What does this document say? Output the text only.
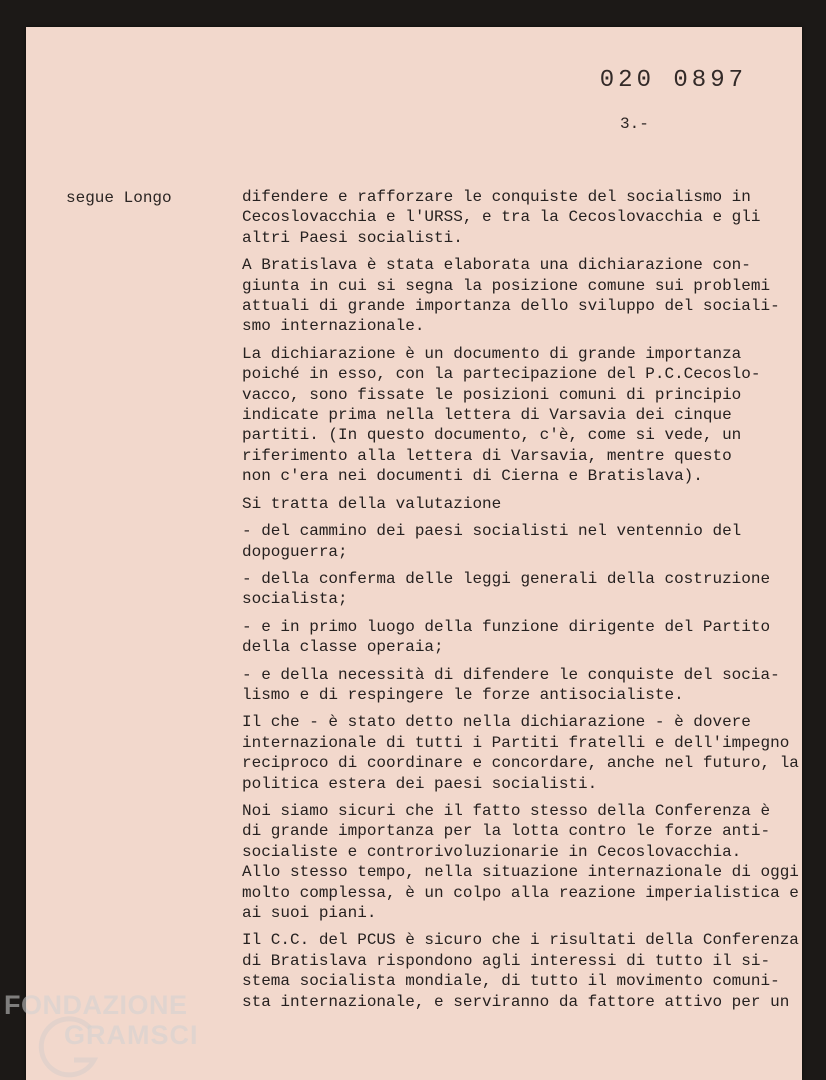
020 0897
3.-
segue Longo	difendere e rafforzare le conquiste del socialismo in
Cecoslovacchia e l'URSS, e tra la Cecoslovacchia e gli
altri Paesi socialisti.
A Bratislava è stata elaborata una dichiarazione con-
giunta in cui si segna la posizione comune sui problemi
attuali di grande importanza dello sviluppo del sociali-
smo internazionale.
La dichiarazione è un documento di grande importanza
poiché in esso, con la partecipazione del P.C.Cecoslo-
vacco, sono fissate le posizioni comuni di principio
indicate prima nella lettera di Varsavia dei cinque
partiti. (In questo documento, c'è, come si vede, un
riferimento alla lettera di Varsavia, mentre questo
non c'era nei documenti di Cierna e Bratislava).
Si tratta della valutazione
- del cammino dei paesi socialisti nel ventennio del
dopoguerra;
- della conferma delle leggi generali della costruzione
socialista;
- e in primo luogo della funzione dirigente del Partito
della classe operaia;
- e della necessità di difendere le conquiste del socia-
lismo e di respingere le forze antisocialiste.
Il che - è stato detto nella dichiarazione - è dovere
internazionale di tutti i Partiti fratelli e dell'impegno
reciproco di coordinare e concordare, anche nel futuro, la
politica estera dei paesi socialisti.
Noi siamo sicuri che il fatto stesso della Conferenza è
di grande importanza per la lotta contro le forze anti-
socialiste e controrivoluzionarie in Cecoslovacchia.
Allo stesso tempo, nella situazione internazionale di oggi
molto complessa, è un colpo alla reazione imperialistica e
ai suoi piani.
Il C.C. del PCUS è sicuro che i risultati della Conferenza
di Bratislava rispondono agli interessi di tutto il si-
stema socialista mondiale, di tutto il movimento comuni-
sta internazionale, e serviranno da fattore attivo per un
FONDAZIONE
GRAMSCI
